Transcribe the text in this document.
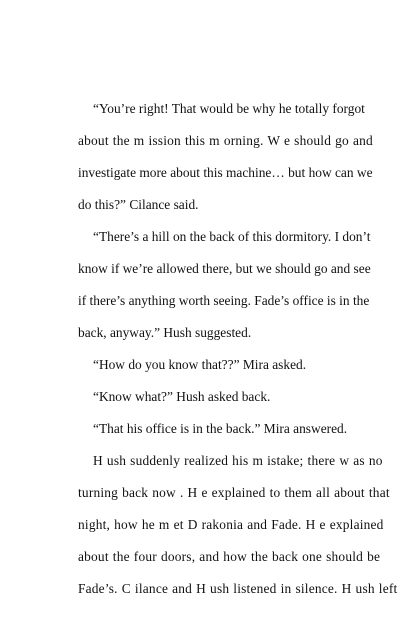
“You’re right! That would be why he totally forgot
about the m ission this m orning. W e should go and
investigate more about this machine… but how can we
do this?” Cilance said.
“There’s a hill on the back of this dormitory. I don’t
know if we’re allowed there, but we should go and see
if there’s anything worth seeing. Fade’s office is in the
back, anyway.” Hush suggested.
“How do you know that??” Mira asked.
“Know what?” Hush asked back.
“That his office is in the back.” Mira answered.
H ush suddenly realized his m istake; there w as no
turning back now . H e explained to them all about that
night, how he m et D rakonia and Fade. H e explained
about the four doors, and how the back one should be
Fade’s. C ilance and H ush listened in silence. H ush left
